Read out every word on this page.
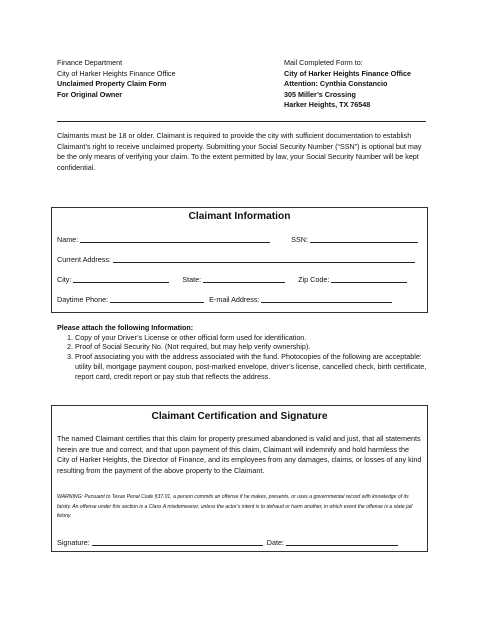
Finance Department
City of Harker Heights Finance Office
Unclaimed Property Claim Form
For Original Owner
Mail Completed Form to:
City of Harker Heights Finance Office
Attention: Cynthia Constancio
305 Miller’s Crossing
Harker Heights, TX 76548
Claimants must be 18 or older. Claimant is required to provide the city with sufficient documentation to establish Claimant’s right to receive unclaimed property. Submitting your Social Security Number (“SSN”) is optional but may be the only means of verifying your claim. To the extent permitted by law, your Social Security Number will be kept confidential.
Claimant Information
Name:	SSN:
Current Address:
City:	State:	Zip Code:
Daytime Phone:	E-mail Address:
Please attach the following Information:
1. Copy of your Driver’s License or other official form used for identification.
2. Proof of Social Security No. (Not required, but may help verify ownership).
3. Proof associating you with the address associated with the fund. Photocopies of the following are acceptable: utility bill, mortgage payment coupon, post-marked envelope, driver’s license, cancelled check, birth certificate, report card, credit report or pay stub that reflects the address.
Claimant Certification and Signature
The named Claimant certifies that this claim for property presumed abandoned is valid and just, that all statements herein are true and correct, and that upon payment of this claim, Claimant will indemnify and hold harmless the City of Harker Heights, the Director of Finance, and its employees from any damages, claims, or losses of any kind resulting from the payment of the above property to the Claimant.
WARNING: Pursuant to Texas Penal Code §37.01, a person commits an offense if he makes, presents, or uses a governmental record with knowledge of its falsity. An offense under this section is a Class A misdemeanor, unless the actor’s intent is to defraud or harm another, in which event the offense is a state jail felony.
Signature:	Date:
